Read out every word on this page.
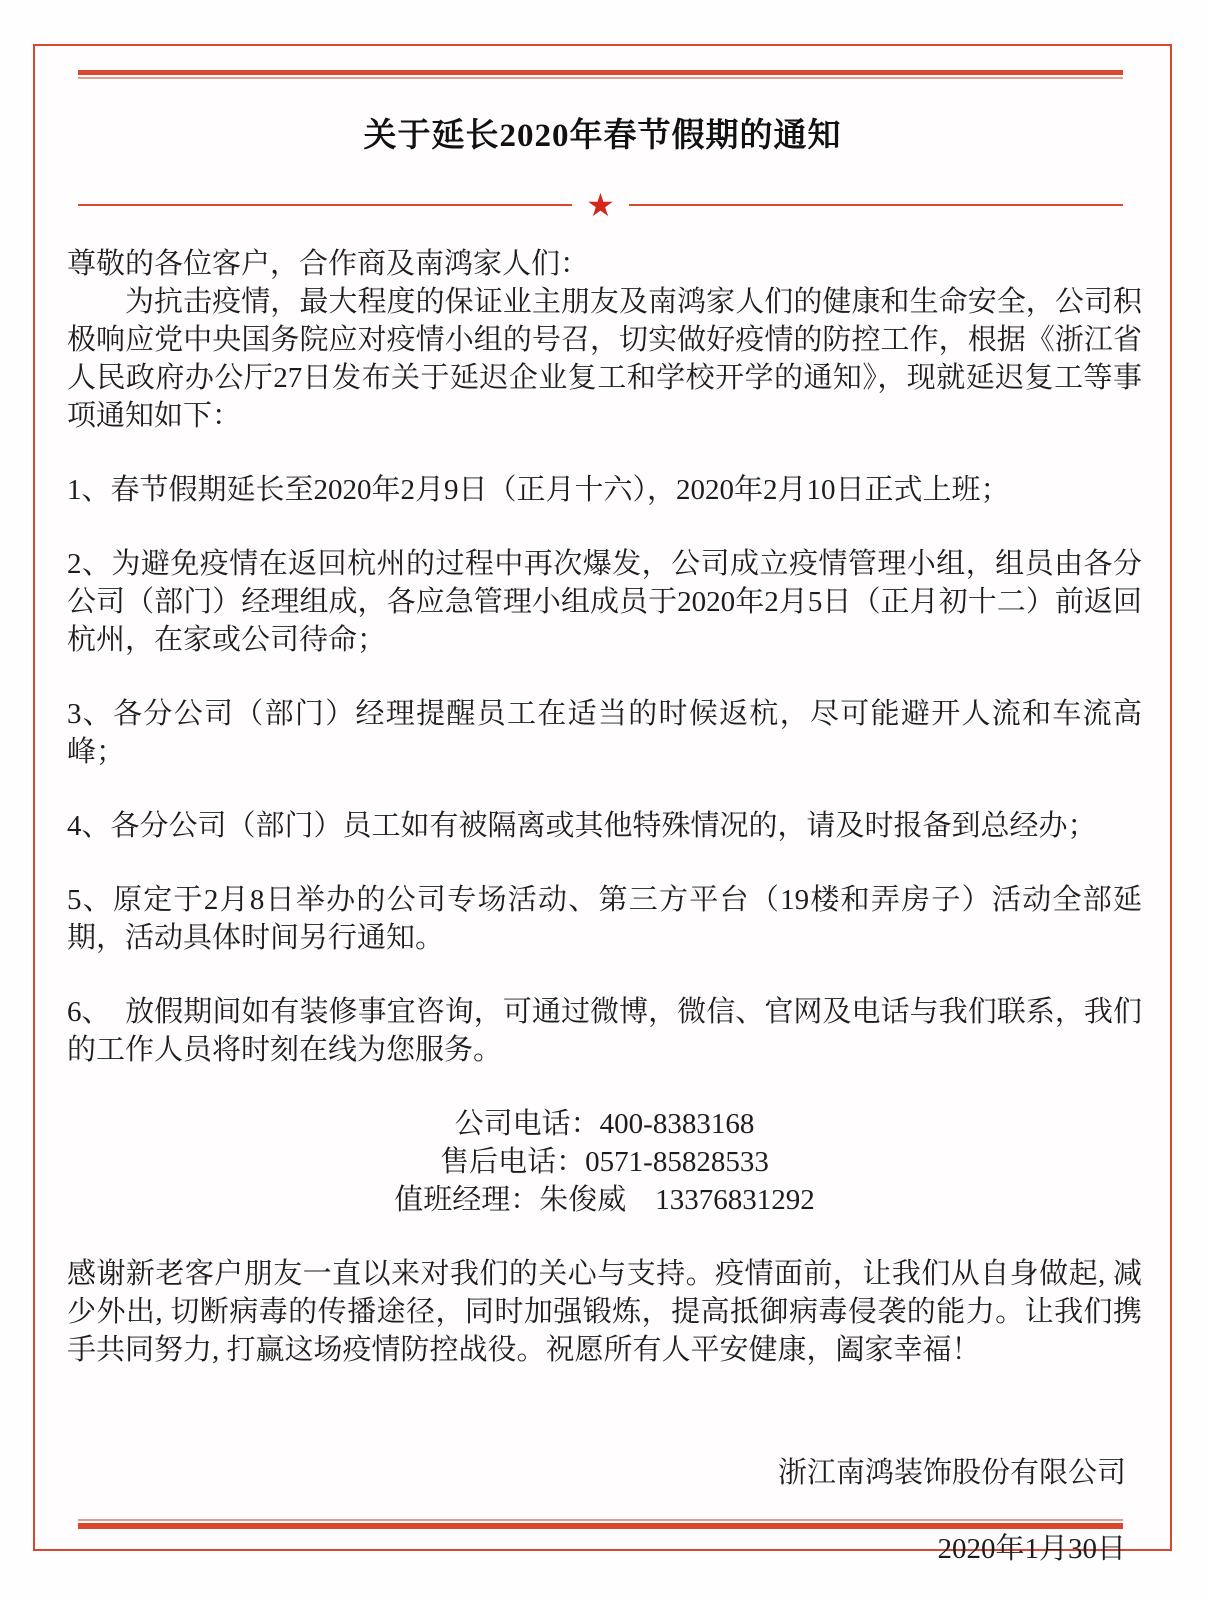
关于延长2020年春节假期的通知
★

尊敬的各位客户，合作商及南鸿家人们：

为抗击疫情，最大程度的保证业主朋友及南鸿家人们的健康和生命安全，公司积极响应党中央国务院应对疫情小组的号召，切实做好疫情的防控工作，根据《浙江省人民政府办公厅27日发布关于延迟企业复工和学校开学的通知》，现就延迟复工等事项通知如下：

1、春节假期延长至2020年2月9日（正月十六），2020年2月10日正式上班；

2、为避免疫情在返回杭州的过程中再次爆发，公司成立疫情管理小组，组员由各分公司（部门）经理组成，各应急管理小组成员于2020年2月5日（正月初十二）前返回杭州，在家或公司待命；

3、各分公司（部门）经理提醒员工在适当的时候返杭，尽可能避开人流和车流高峰；

4、各分公司（部门）员工如有被隔离或其他特殊情况的，请及时报备到总经办；

5、原定于2月8日举办的公司专场活动、第三方平台（19楼和弄房子）活动全部延期，活动具体时间另行通知。

6、　放假期间如有装修事宜咨询，可通过微博，微信、官网及电话与我们联系，我们的工作人员将时刻在线为您服务。

公司电话：400-8383168

售后电话：0571-85828533

值班经理：朱俊威　13376831292

感谢新老客户朋友一直以来对我们的关心与支持。疫情面前，让我们从自身做起, 减少外出, 切断病毒的传播途径，同时加强锻炼，提高抵御病毒侵袭的能力。让我们携手共同努力, 打赢这场疫情防控战役。祝愿所有人平安健康，阖家幸福！

浙江南鸿装饰股份有限公司

2020年1月30日
